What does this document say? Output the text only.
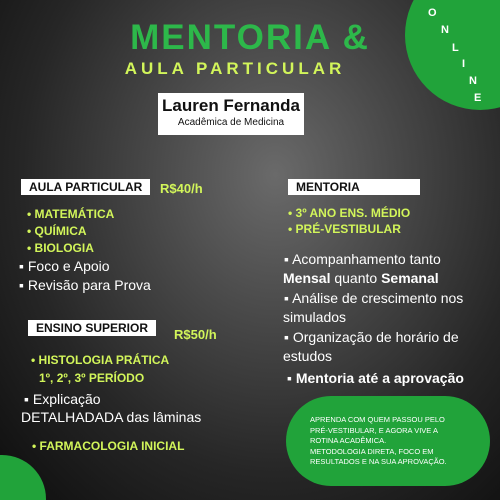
O
N
L
I
N
E
MENTORIA &
AULA PARTICULAR
Lauren Fernanda
Acadêmica de Medicina
AULA PARTICULAR	R$40/h
• MATEMÁTICA
• QUÍMICA
• BIOLOGIA
▪ Foco e Apoio
▪ Revisão para Prova
ENSINO SUPERIOR	R$50/h
• HISTOLOGIA PRÁTICA
1º, 2º, 3º PERÍODO
▪ Explicação
DETALHADADA das lâminas
• FARMACOLOGIA INICIAL
MENTORIA
• 3º ANO ENS. MÉDIO
• PRÉ-VESTIBULAR
▪ Acompanhamento tanto
Mensal quanto Semanal
▪ Análise de crescimento nos
simulados
▪ Organização de horário de
estudos
▪ Mentoria até a aprovação
APRENDA COM QUEM PASSOU PELO
PRÉ-VESTIBULAR, E AGORA VIVE A
ROTINA ACADÊMICA.
METODOLOGIA DIRETA, FOCO EM
RESULTADOS E NA SUA APROVAÇÃO.
